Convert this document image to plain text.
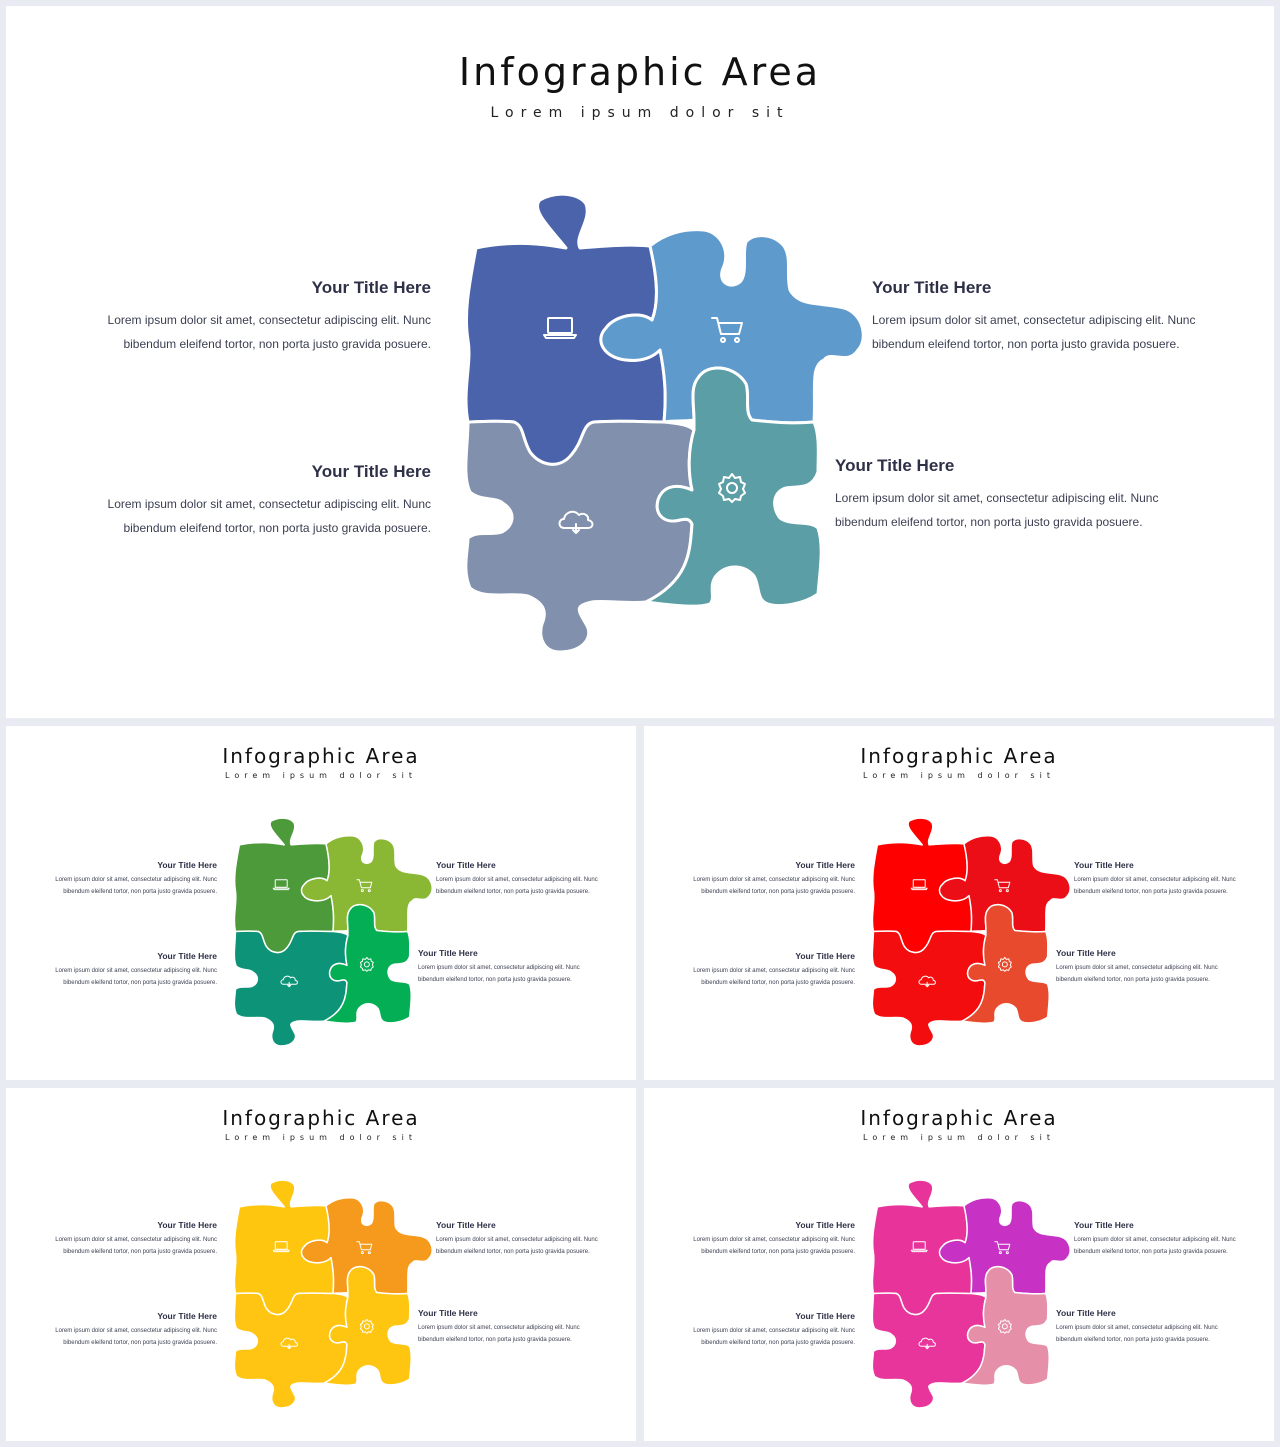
Infographic Area
Lorem ipsum dolor sit
Your Title Here
Lorem ipsum dolor sit amet, consectetur adipiscing elit. Nunc
bibendum eleifend tortor, non porta justo gravida posuere.
Your Title Here
Lorem ipsum dolor sit amet, consectetur adipiscing elit. Nunc
bibendum eleifend tortor, non porta justo gravida posuere.
Your Title Here
Lorem ipsum dolor sit amet, consectetur adipiscing elit. Nunc
bibendum eleifend tortor, non porta justo gravida posuere.
Your Title Here
Lorem ipsum dolor sit amet, consectetur adipiscing elit. Nunc
bibendum eleifend tortor, non porta justo gravida posuere.
Infographic Area
Lorem ipsum dolor sit
Your Title Here
Lorem ipsum dolor sit amet, consectetur adipiscing elit. Nunc
bibendum eleifend tortor, non porta justo gravida posuere.
Your Title Here
Lorem ipsum dolor sit amet, consectetur adipiscing elit. Nunc
bibendum eleifend tortor, non porta justo gravida posuere.
Your Title Here
Lorem ipsum dolor sit amet, consectetur adipiscing elit. Nunc
bibendum eleifend tortor, non porta justo gravida posuere.
Your Title Here
Lorem ipsum dolor sit amet, consectetur adipiscing elit. Nunc
bibendum eleifend tortor, non porta justo gravida posuere.
Infographic Area
Lorem ipsum dolor sit
Your Title Here
Lorem ipsum dolor sit amet, consectetur adipiscing elit. Nunc
bibendum eleifend tortor, non porta justo gravida posuere.
Your Title Here
Lorem ipsum dolor sit amet, consectetur adipiscing elit. Nunc
bibendum eleifend tortor, non porta justo gravida posuere.
Your Title Here
Lorem ipsum dolor sit amet, consectetur adipiscing elit. Nunc
bibendum eleifend tortor, non porta justo gravida posuere.
Your Title Here
Lorem ipsum dolor sit amet, consectetur adipiscing elit. Nunc
bibendum eleifend tortor, non porta justo gravida posuere.
Infographic Area
Lorem ipsum dolor sit
Your Title Here
Lorem ipsum dolor sit amet, consectetur adipiscing elit. Nunc
bibendum eleifend tortor, non porta justo gravida posuere.
Your Title Here
Lorem ipsum dolor sit amet, consectetur adipiscing elit. Nunc
bibendum eleifend tortor, non porta justo gravida posuere.
Your Title Here
Lorem ipsum dolor sit amet, consectetur adipiscing elit. Nunc
bibendum eleifend tortor, non porta justo gravida posuere.
Your Title Here
Lorem ipsum dolor sit amet, consectetur adipiscing elit. Nunc
bibendum eleifend tortor, non porta justo gravida posuere.
Infographic Area
Lorem ipsum dolor sit
Your Title Here
Lorem ipsum dolor sit amet, consectetur adipiscing elit. Nunc
bibendum eleifend tortor, non porta justo gravida posuere.
Your Title Here
Lorem ipsum dolor sit amet, consectetur adipiscing elit. Nunc
bibendum eleifend tortor, non porta justo gravida posuere.
Your Title Here
Lorem ipsum dolor sit amet, consectetur adipiscing elit. Nunc
bibendum eleifend tortor, non porta justo gravida posuere.
Your Title Here
Lorem ipsum dolor sit amet, consectetur adipiscing elit. Nunc
bibendum eleifend tortor, non porta justo gravida posuere.
